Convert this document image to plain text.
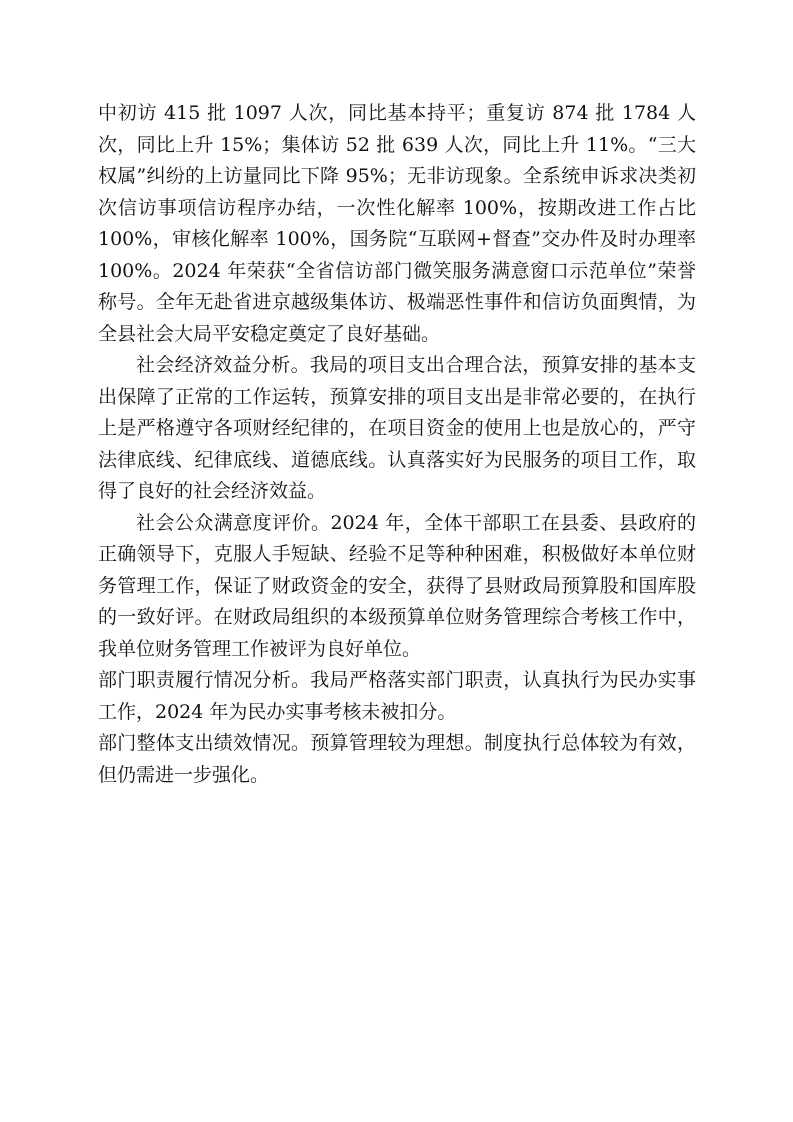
中初访 415 批 1097 人次，同比基本持平；重复访 874 批 1784 人次，同比上升 15%；集体访 52 批 639 人次，同比上升 11%。“三大权属”纠纷的上访量同比下降 95%；无非访现象。全系统申诉求决类初次信访事项信访程序办结，一次性化解率 100%，按期改进工作占比 100%，审核化解率 100%，国务院“互联网+督查”交办件及时办理率 100%。2024 年荣获“全省信访部门微笑服务满意窗口示范单位”荣誉称号。全年无赴省进京越级集体访、极端恶性事件和信访负面舆情，为全县社会大局平安稳定奠定了良好基础。

社会经济效益分析。我局的项目支出合理合法，预算安排的基本支出保障了正常的工作运转，预算安排的项目支出是非常必要的，在执行上是严格遵守各项财经纪律的，在项目资金的使用上也是放心的，严守法律底线、纪律底线、道德底线。认真落实好为民服务的项目工作，取得了良好的社会经济效益。

社会公众满意度评价。2024 年，全体干部职工在县委、县政府的正确领导下，克服人手短缺、经验不足等种种困难，积极做好本单位财务管理工作，保证了财政资金的安全，获得了县财政局预算股和国库股的一致好评。在财政局组织的本级预算单位财务管理综合考核工作中，我单位财务管理工作被评为良好单位。

部门职责履行情况分析。我局严格落实部门职责，认真执行为民办实事工作，2024 年为民办实事考核未被扣分。

部门整体支出绩效情况。预算管理较为理想。制度执行总体较为有效，但仍需进一步强化。
